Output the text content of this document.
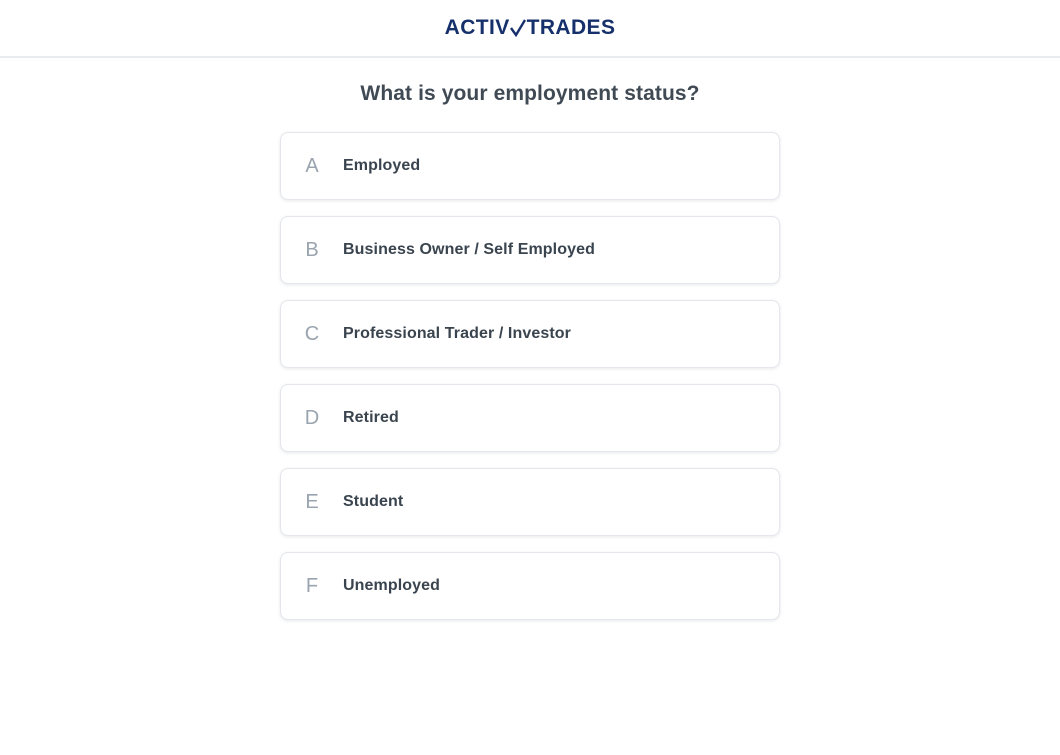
ACTIV TRADES
What is your employment status?
A	Employed
B	Business Owner / Self Employed
C	Professional Trader / Investor
D	Retired
E	Student
F	Unemployed
